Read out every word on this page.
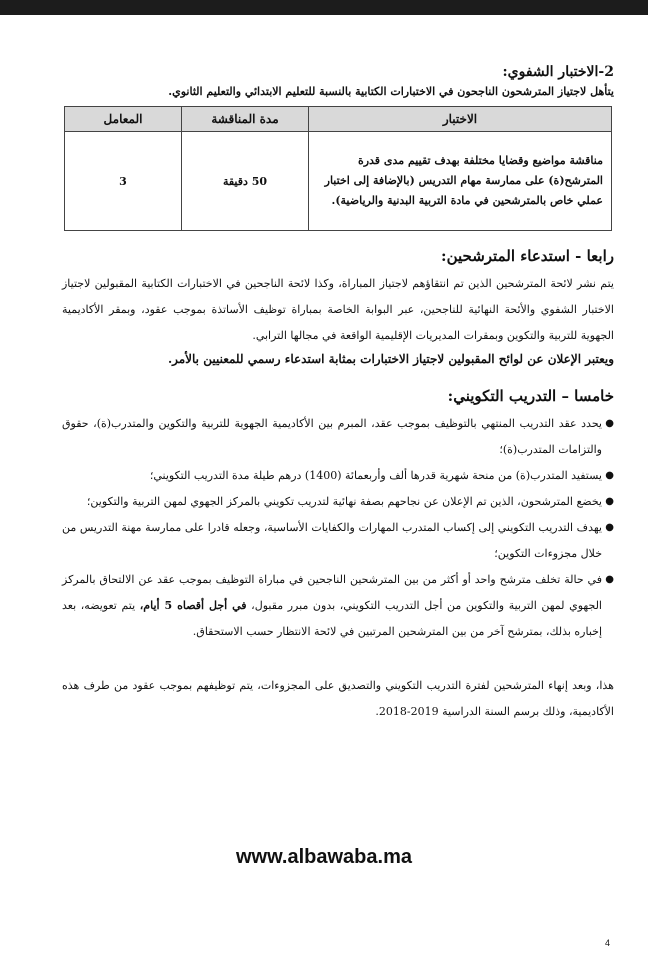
2-الاختبار الشفوي:
يتأهل لاجتياز المترشحون الناجحون في الاختبارات الكتابية بالنسبة للتعليم الابتدائي والتعليم الثانوي.
الاختبار	مدة المناقشة	المعامل
مناقشة مواضيع وقضايا مختلفة بهدف تقييم مدى قدرة المترشح(ة) على ممارسة مهام التدريس (بالإضافة إلى اختبار عملي خاص بالمترشحين في مادة التربية البدنية والرياضية).	50 دقيقة	3
رابعا - استدعاء المترشحين:

يتم نشر لائحة المترشحين الذين تم انتقاؤهم لاجتياز المباراة، وكذا لائحة الناجحين في الاختبارات الكتابية المقبولين لاجتياز الاختبار الشفوي والأئحة النهائية للناجحين، عبر البوابة الخاصة بمباراة توظيف الأساتذة بموجب عقود، وبمقر الأكاديمية الجهوية للتربية والتكوين وبمقرات المديريات الإقليمية الواقعة في مجالها الترابي.

ويعتبر الإعلان عن لوائح المقبولين لاجتياز الاختبارات بمثابة استدعاء رسمي للمعنيين بالأمر.

خامسا – التدريب التكويني:
●
يحدد عقد التدريب المنتهي بالتوظيف بموجب عقد، المبرم بين الأكاديمية الجهوية للتربية والتكوين والمتدرب(ة)، حقوق والتزامات المتدرب(ة)؛
●
يستفيد المتدرب(ة) من منحة شهرية قدرها ألف وأربعمائة (1400) درهم طيلة مدة التدريب التكويني؛
●
يخضع المترشحون، الذين تم الإعلان عن نجاحهم بصفة نهائية لتدريب تكويني بالمركز الجهوي لمهن التربية والتكوين؛
●
يهدف التدريب التكويني إلى إكساب المتدرب المهارات والكفايات الأساسية، وجعله قادرا على ممارسة مهنة التدريس من خلال مجزوءات التكوين؛
●
في حالة تخلف مترشح واحد أو أكثر من بين المترشحين الناجحين في مباراة التوظيف بموجب عقد عن الالتحاق بالمركز الجهوي لمهن التربية والتكوين من أجل التدريب التكويني، بدون مبرر مقبول، في أجل أقصاه 5 أيام، يتم تعويضه، بعد إخباره بذلك، بمترشح آخر من بين المترشحين المرتبين في لائحة الانتظار حسب الاستحقاق.
هذا، وبعد إنهاء المترشحين لفترة التدريب التكويني والتصديق على المجزوءات، يتم توظيفهم بموجب عقود من طرف هذه الأكاديمية، وذلك برسم السنة الدراسية 2019-2018.
www.albawaba.ma
4
